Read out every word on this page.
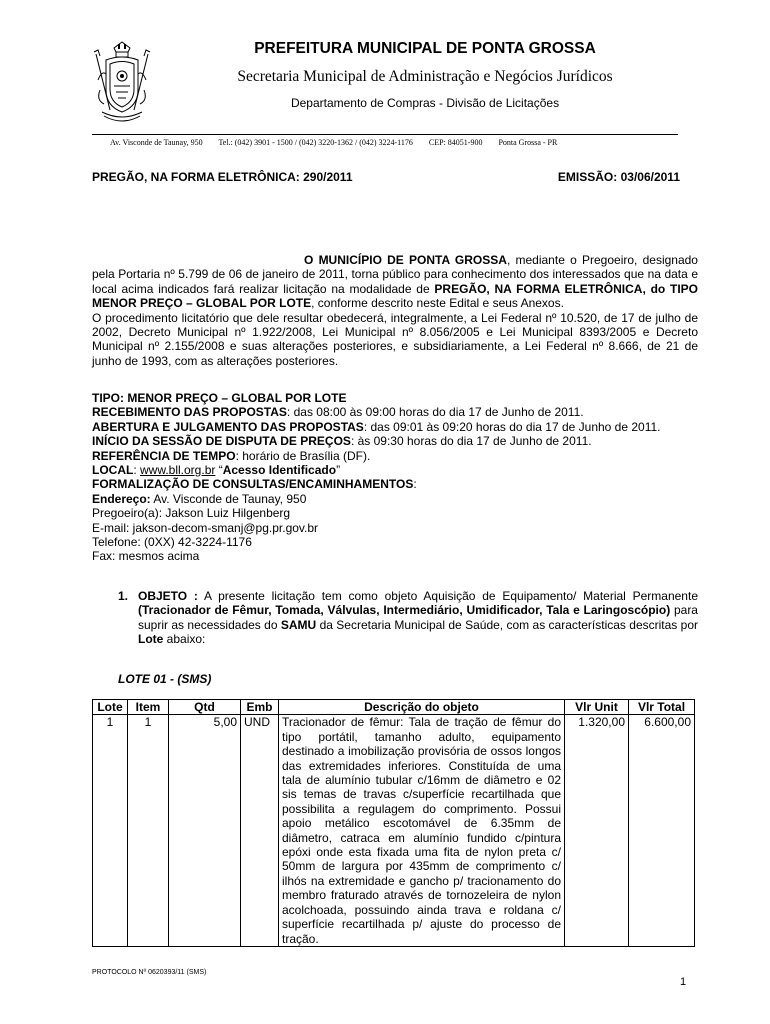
PREFEITURA MUNICIPAL DE PONTA GROSSA
Secretaria Municipal de Administração e Negócios Jurídicos
Departamento de Compras - Divisão de Licitações
Av. Visconde de Taunay, 950 Tel.: (042) 3901 - 1500 / (042) 3220-1362 / (042) 3224-1176 CEP: 84051-900 Ponta Grossa - PR
PREGÃO, NA FORMA ELETRÔNICA: 290/2011	EMISSÃO: 03/06/2011
O MUNICÍPIO DE PONTA GROSSA, mediante o Pregoeiro, designado pela Portaria nº 5.799 de 06 de janeiro de 2011, torna público para conhecimento dos interessados que na data e local acima indicados fará realizar licitação na modalidade de PREGÃO, NA FORMA ELETRÔNICA, do TIPO MENOR PREÇO – GLOBAL POR LOTE, conforme descrito neste Edital e seus Anexos.
O procedimento licitatório que dele resultar obedecerá, integralmente, a Lei Federal nº 10.520, de 17 de julho de 2002, Decreto Municipal nº 1.922/2008, Lei Municipal nº 8.056/2005 e Lei Municipal 8393/2005 e Decreto Municipal nº 2.155/2008 e suas alterações posteriores, e subsidiariamente, a Lei Federal nº 8.666, de 21 de junho de 1993, com as alterações posteriores.
TIPO: MENOR PREÇO – GLOBAL POR LOTE
RECEBIMENTO DAS PROPOSTAS: das 08:00 às 09:00 horas do dia 17 de Junho de 2011.
ABERTURA E JULGAMENTO DAS PROPOSTAS: das 09:01 às 09:20 horas do dia 17 de Junho de 2011.
INÍCIO DA SESSÃO DE DISPUTA DE PREÇOS: às 09:30 horas do dia 17 de Junho de 2011.
REFERÊNCIA DE TEMPO: horário de Brasília (DF).
LOCAL: www.bll.org.br “Acesso Identificado”
FORMALIZAÇÃO DE CONSULTAS/ENCAMINHAMENTOS:
Endereço: Av. Visconde de Taunay, 950
Pregoeiro(a): Jakson Luiz Hilgenberg
E-mail: jakson-decom-smanj@pg.pr.gov.br
Telefone: (0XX) 42-3224-1176
Fax: mesmos acima
1. OBJETO : A presente licitação tem como objeto Aquisição de Equipamento/ Material Permanente (Tracionador de Fêmur, Tomada, Válvulas, Intermediário, Umidificador, Tala e Laringoscópio) para suprir as necessidades do SAMU da Secretaria Municipal de Saúde, com as características descritas por Lote abaixo:
LOTE 01 - (SMS)
Lote	Item	Qtd	Emb	Descrição do objeto	Vlr Unit	Vlr Total
1	1	5,00	UND	Tracionador de fêmur: Tala de tração de fêmur do tipo portátil, tamanho adulto, equipamento destinado a imobilização provisória de ossos longos das extremidades inferiores. Constituída de uma tala de alumínio tubular c/16mm de diâmetro e 02 sis temas de travas c/superfície recartilhada que possibilita a regulagem do comprimento. Possui apoio metálico escotomável de 6.35mm de diâmetro, catraca em alumínio fundido c/pintura epóxi onde esta fixada uma fita de nylon preta c/ 50mm de largura por 435mm de comprimento c/ ilhós na extremidade e gancho p/ tracionamento do membro fraturado através de tornozeleira de nylon acolchoada, possuindo ainda trava e roldana c/ superfície recartilhada p/ ajuste do processo de tração.	1.320,00	6.600,00
PROTOCOLO Nº 0620393/11 (SMS)
1
